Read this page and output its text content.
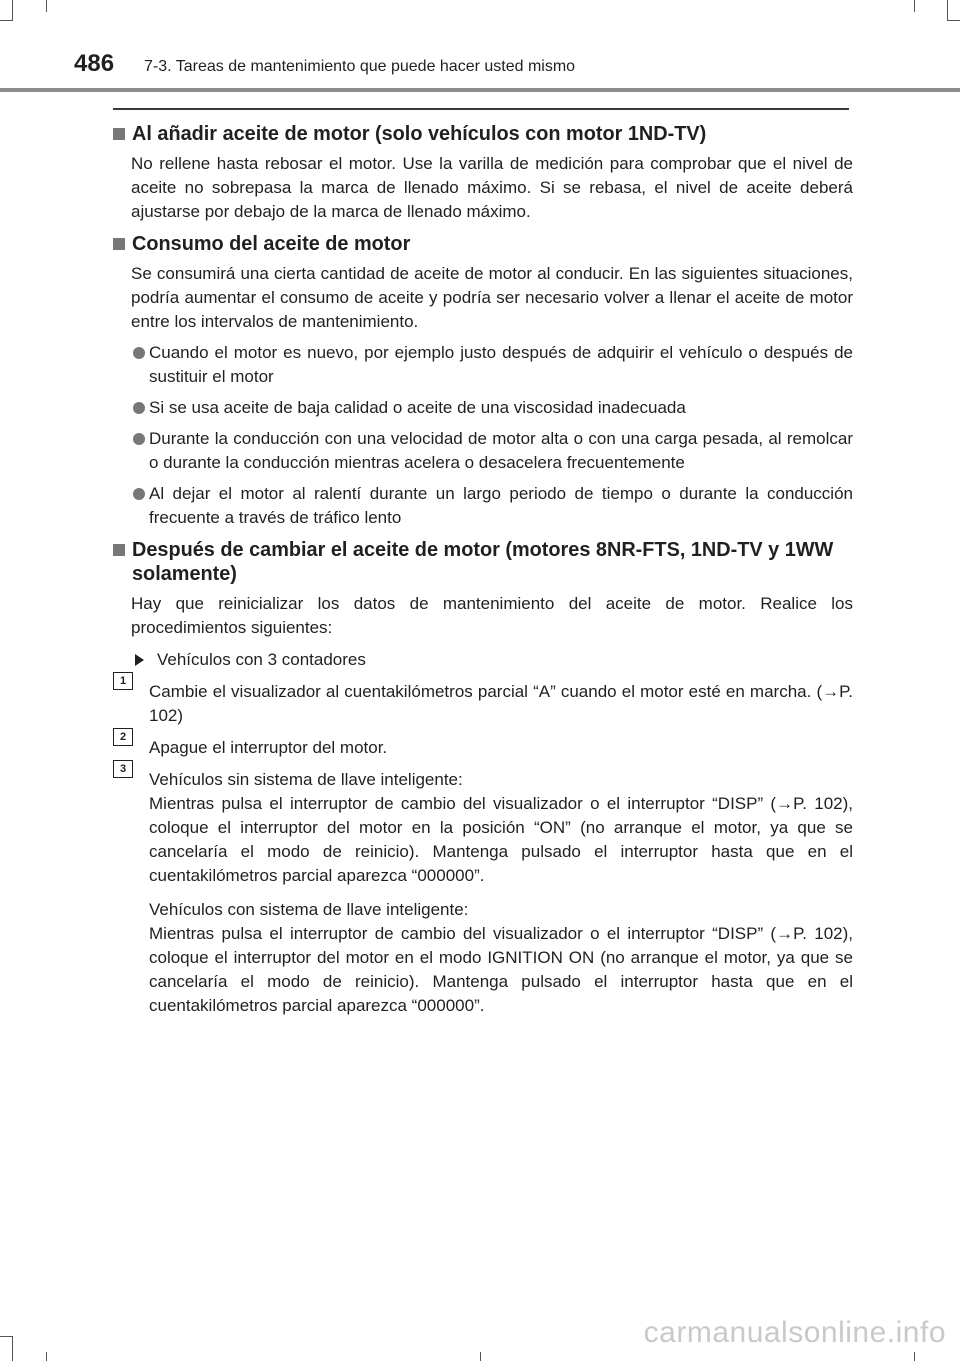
486 7-3. Tareas de mantenimiento que puede hacer usted mismo
Al añadir aceite de motor (solo vehículos con motor 1ND-TV)

No rellene hasta rebosar el motor. Use la varilla de medición para comprobar que el nivel de aceite no sobrepasa la marca de llenado máximo. Si se rebasa, el nivel de aceite deberá ajustarse por debajo de la marca de llenado máximo.

Consumo del aceite de motor

Se consumirá una cierta cantidad de aceite de motor al conducir. En las siguientes situaciones, podría aumentar el consumo de aceite y podría ser necesario volver a llenar el aceite de motor entre los intervalos de mantenimiento.

Cuando el motor es nuevo, por ejemplo justo después de adquirir el vehículo o después de sustituir el motor
Si se usa aceite de baja calidad o aceite de una viscosidad inadecuada
Durante la conducción con una velocidad de motor alta o con una carga pesada, al remolcar o durante la conducción mientras acelera o desacelera frecuentemente
Al dejar el motor al ralentí durante un largo periodo de tiempo o durante la conducción frecuente a través de tráfico lento
Después de cambiar el aceite de motor (motores 8NR-FTS, 1ND-TV y 1WW solamente)

Hay que reinicializar los datos de mantenimiento del aceite de motor. Realice los procedimientos siguientes:

Vehículos con 3 contadores
1

Cambie el visualizador al cuentakilómetros parcial “A” cuando el motor esté en marcha. (→P. 102)

2

Apague el interruptor del motor.

3

Vehículos sin sistema de llave inteligente:
Mientras pulsa el interruptor de cambio del visualizador o el interruptor “DISP” (→P. 102), coloque el interruptor del motor en la posición “ON” (no arranque el motor, ya que se cancelaría el modo de reinicio). Mantenga pulsado el interruptor hasta que en el cuentakilómetros parcial aparezca “000000”.

Vehículos con sistema de llave inteligente:
Mientras pulsa el interruptor de cambio del visualizador o el interruptor “DISP” (→P. 102), coloque el interruptor del motor en el modo IGNITION ON (no arranque el motor, ya que se cancelaría el modo de reinicio). Mantenga pulsado el interruptor hasta que en el cuentakilómetros parcial aparezca “000000”.

carmanualsonline.info
